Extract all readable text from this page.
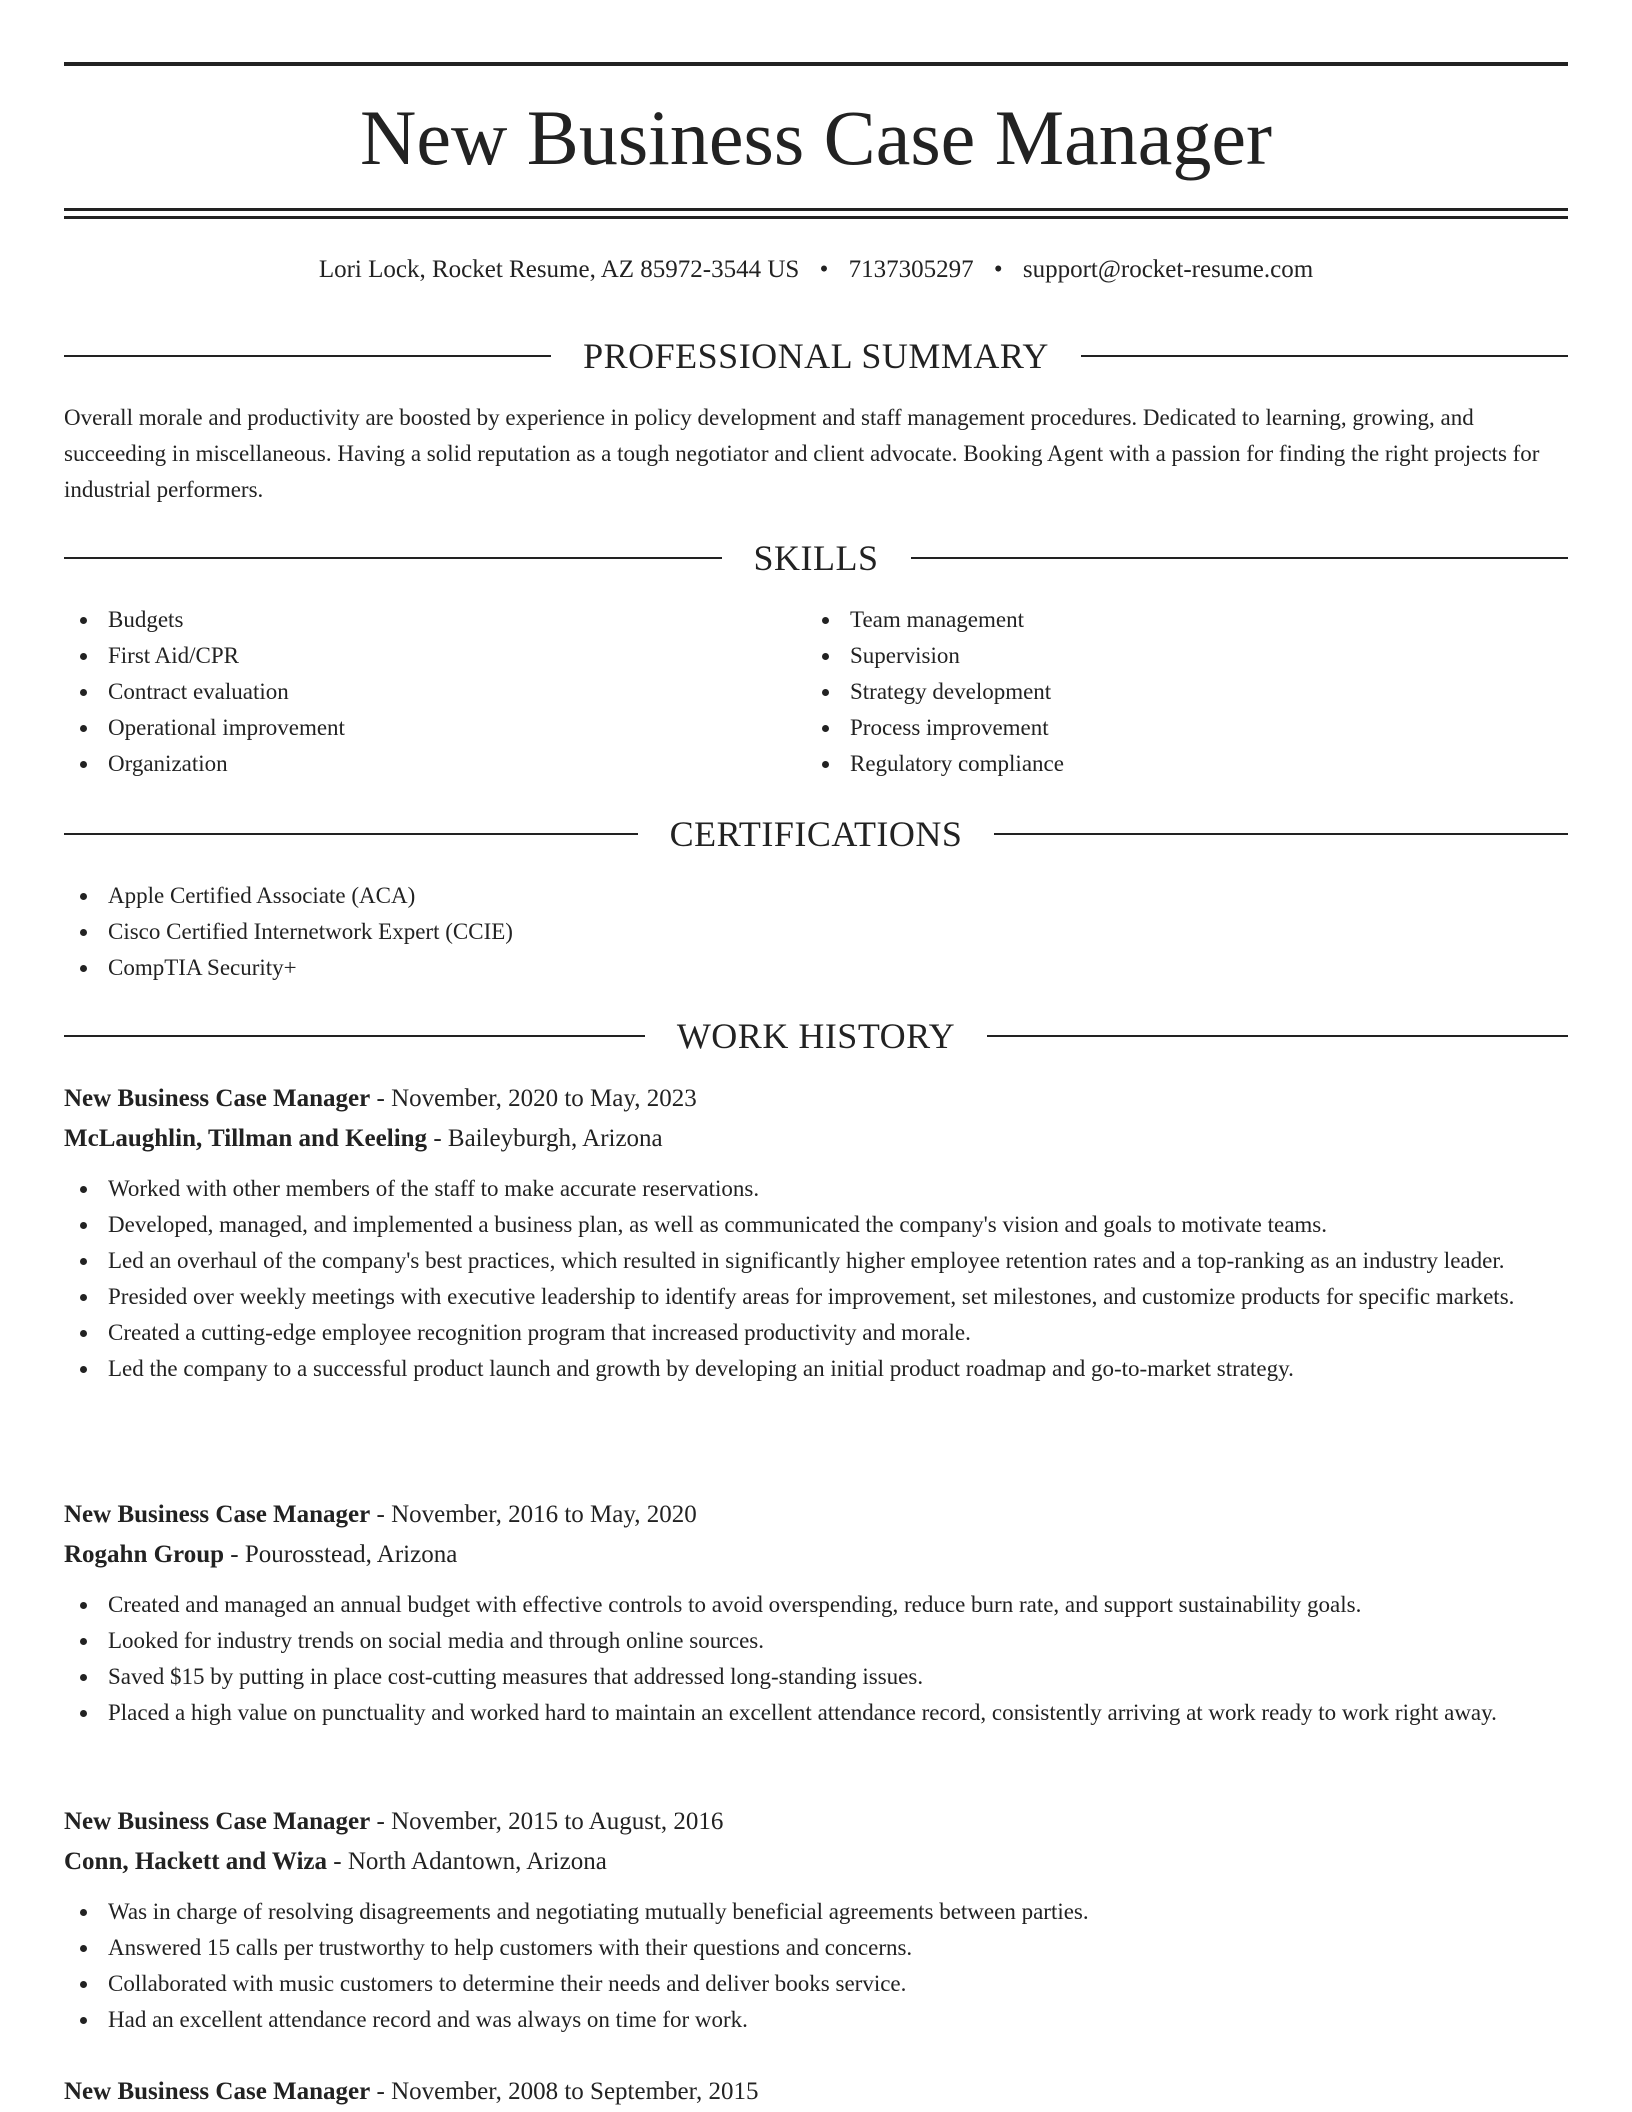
New Business Case Manager
Lori Lock, Rocket Resume, AZ 85972-3544 US • 7137305297 • support@rocket-resume.com
PROFESSIONAL SUMMARY

Overall morale and productivity are boosted by experience in policy development and staff management procedures. Dedicated to learning, growing, and succeeding in miscellaneous. Having a solid reputation as a tough negotiator and client advocate. Booking Agent with a passion for finding the right projects for industrial performers.

SKILLS
Budgets
First Aid/CPR
Contract evaluation
Operational improvement
Organization
Team management
Supervision
Strategy development
Process improvement
Regulatory compliance
CERTIFICATIONS
Apple Certified Associate (ACA)
Cisco Certified Internetwork Expert (CCIE)
CompTIA Security+
WORK HISTORY
New Business Case Manager - November, 2020 to May, 2023
McLaughlin, Tillman and Keeling - Baileyburgh, Arizona
Worked with other members of the staff to make accurate reservations.
Developed, managed, and implemented a business plan, as well as communicated the company's vision and goals to motivate teams.
Led an overhaul of the company's best practices, which resulted in significantly higher employee retention rates and a top-ranking as an industry leader.
Presided over weekly meetings with executive leadership to identify areas for improvement, set milestones, and customize products for specific markets.
Created a cutting-edge employee recognition program that increased productivity and morale.
Led the company to a successful product launch and growth by developing an initial product roadmap and go-to-market strategy.
New Business Case Manager - November, 2016 to May, 2020
Rogahn Group - Pourosstead, Arizona
Created and managed an annual budget with effective controls to avoid overspending, reduce burn rate, and support sustainability goals.
Looked for industry trends on social media and through online sources.
Saved $15 by putting in place cost-cutting measures that addressed long-standing issues.
Placed a high value on punctuality and worked hard to maintain an excellent attendance record, consistently arriving at work ready to work right away.
New Business Case Manager - November, 2015 to August, 2016
Conn, Hackett and Wiza - North Adantown, Arizona
Was in charge of resolving disagreements and negotiating mutually beneficial agreements between parties.
Answered 15 calls per trustworthy to help customers with their questions and concerns.
Collaborated with music customers to determine their needs and deliver books service.
Had an excellent attendance record and was always on time for work.
New Business Case Manager - November, 2008 to September, 2015
